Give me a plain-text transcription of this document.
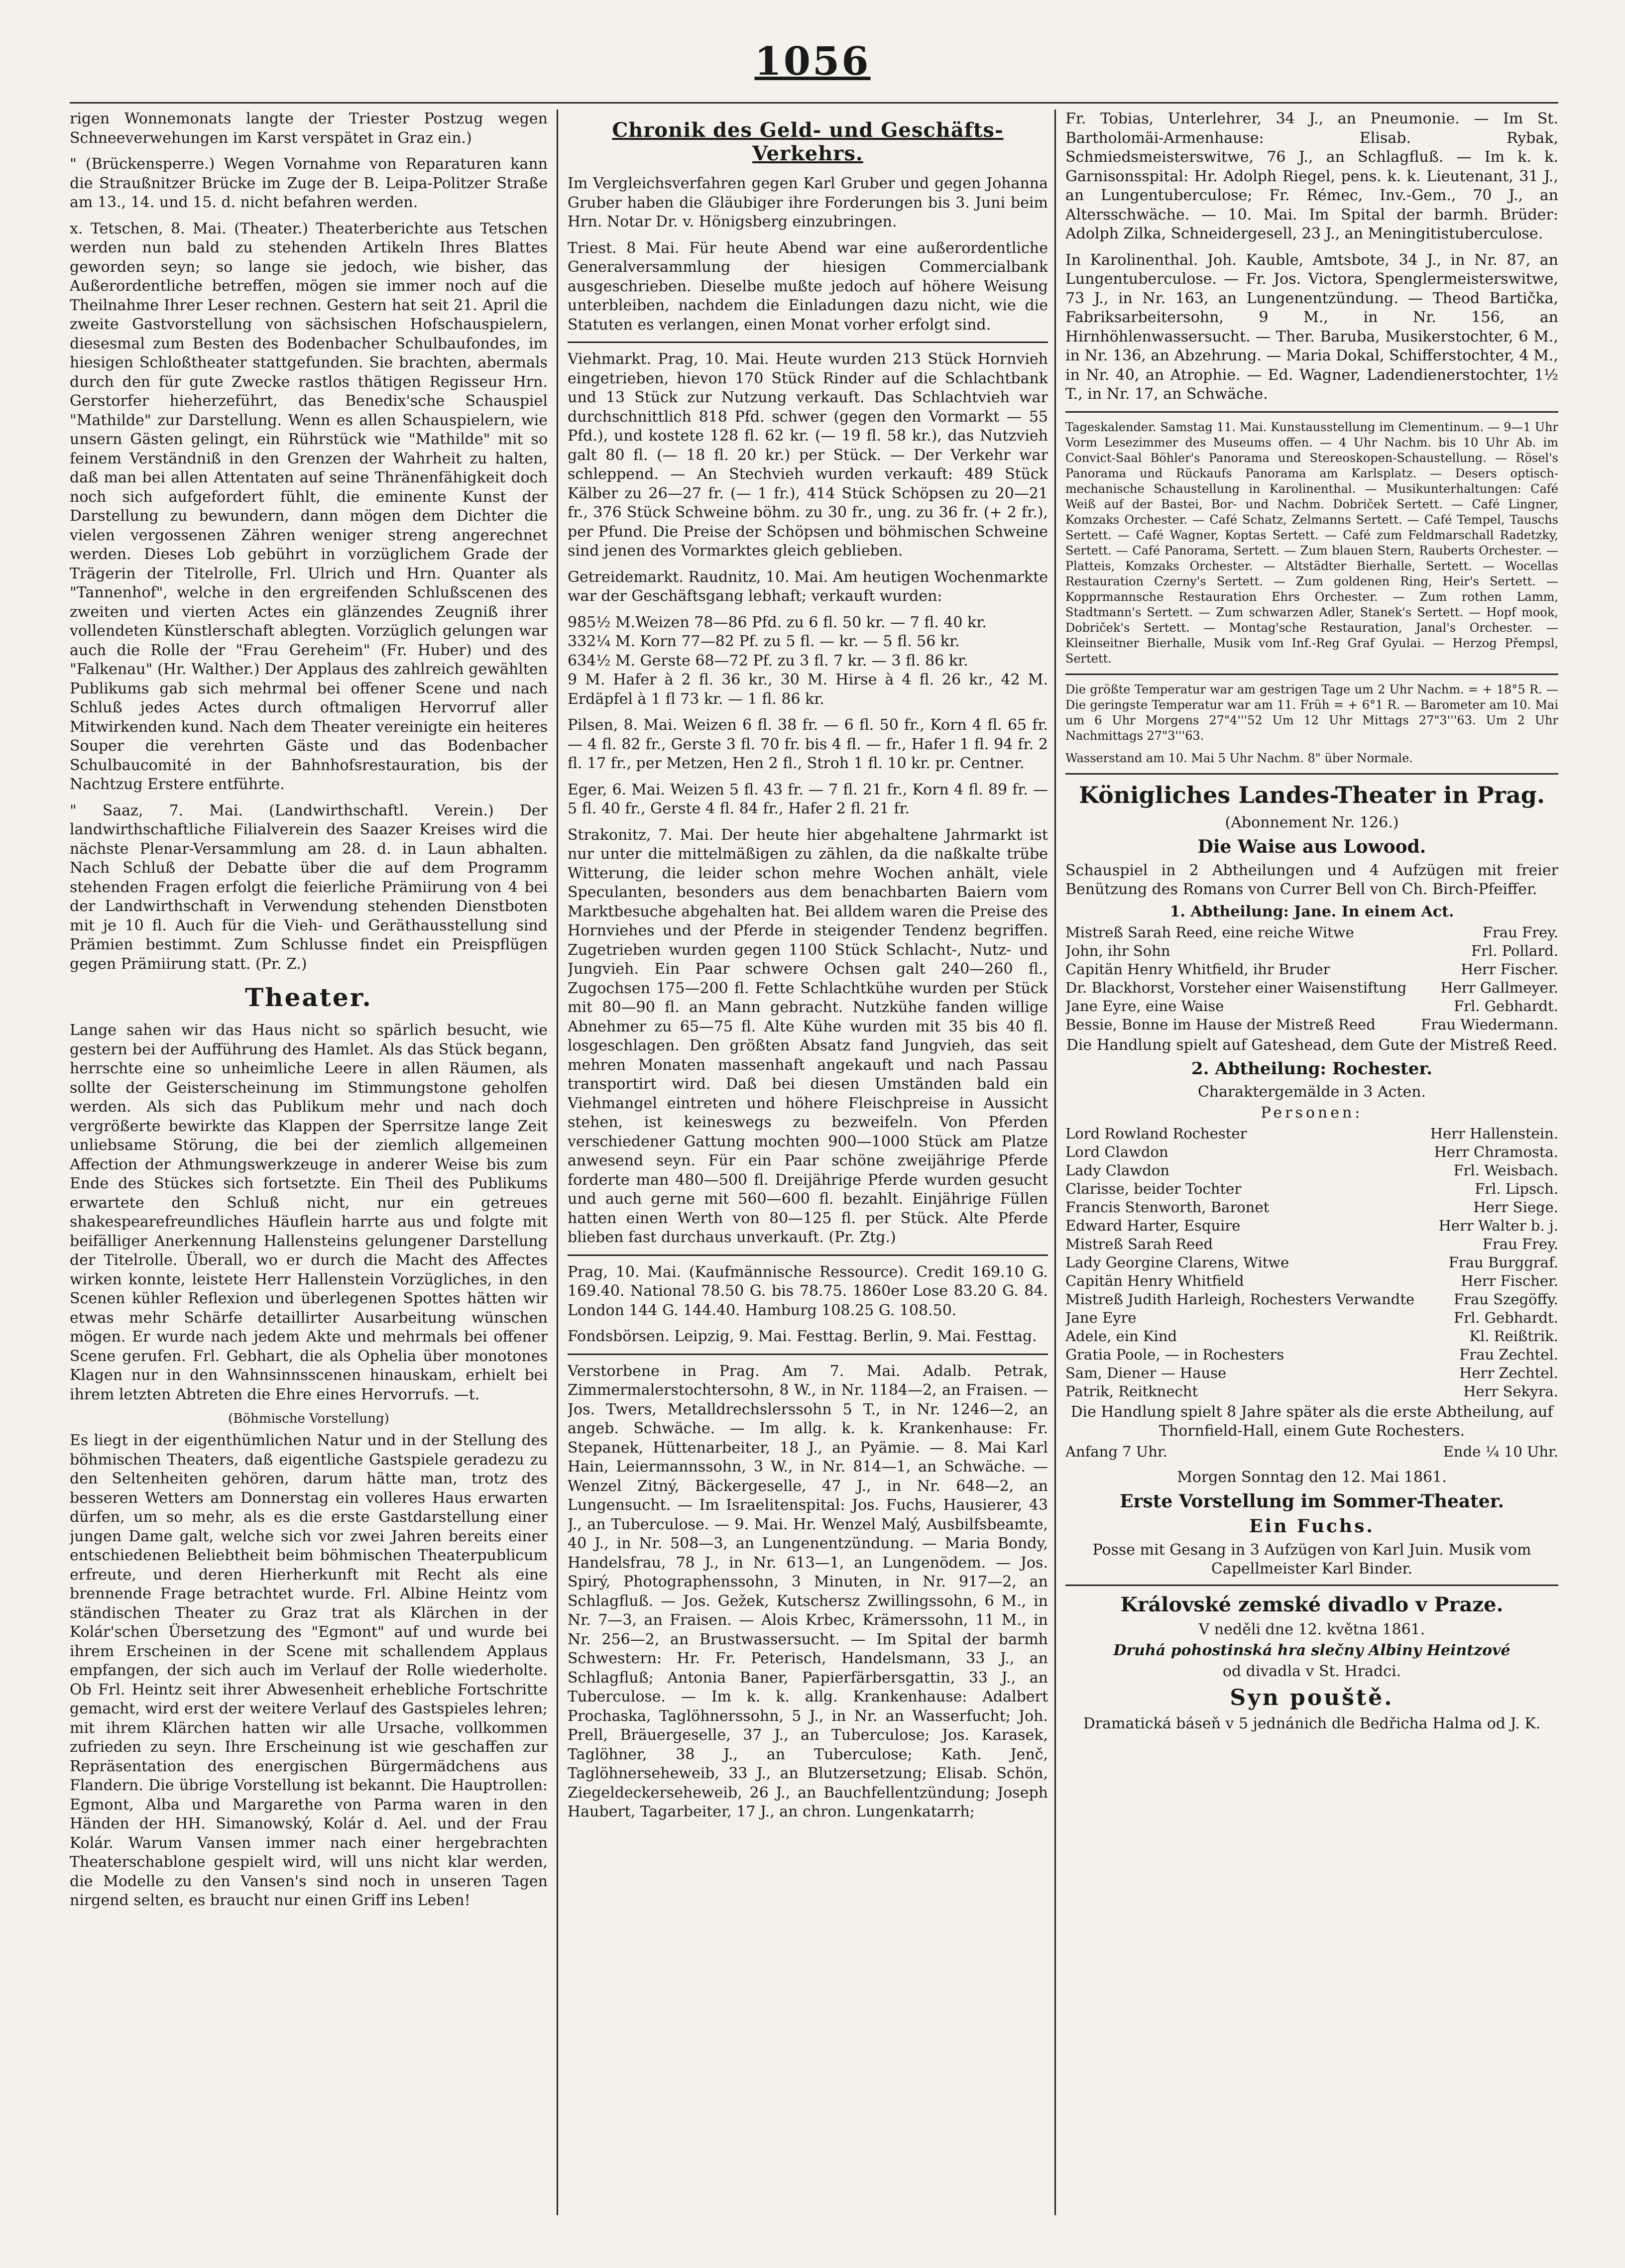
1056

rigen Wonnemonats langte der Triester Postzug wegen Schneeverwehungen im Karst verspätet in Graz ein.)

" (Brückensperre.) Wegen Vornahme von Reparaturen kann die Straußnitzer Brücke im Zuge der B. Leipa-Politzer Straße am 13., 14. und 15. d. nicht befahren werden.

x. Tetschen, 8. Mai. (Theater.) Theaterberichte aus Tetschen werden nun bald zu stehenden Artikeln Ihres Blattes geworden seyn; so lange sie jedoch, wie bisher, das Außerordentliche betreffen, mögen sie immer noch auf die Theilnahme Ihrer Leser rechnen. Gestern hat seit 21. April die zweite Gastvorstellung von sächsischen Hofschauspielern, diesesmal zum Besten des Bodenbacher Schulbaufondes, im hiesigen Schloßtheater stattgefunden. Sie brachten, abermals durch den für gute Zwecke rastlos thätigen Regisseur Hrn. Gerstorfer hieherzeführt, das Benedix'sche Schauspiel "Mathilde" zur Darstellung. Wenn es allen Schauspielern, wie unsern Gästen gelingt, ein Rührstück wie "Mathilde" mit so feinem Verständniß in den Grenzen der Wahrheit zu halten, daß man bei allen Attentaten auf seine Thränenfähigkeit doch noch sich aufgefordert fühlt, die eminente Kunst der Darstellung zu bewundern, dann mögen dem Dichter die vielen vergossenen Zähren weniger streng angerechnet werden. Dieses Lob gebührt in vorzüglichem Grade der Trägerin der Titelrolle, Frl. Ulrich und Hrn. Quanter als "Tannenhof", welche in den ergreifenden Schlußscenen des zweiten und vierten Actes ein glänzendes Zeugniß ihrer vollendeten Künstlerschaft ablegten. Vorzüglich gelungen war auch die Rolle der "Frau Gereheim" (Fr. Huber) und des "Falkenau" (Hr. Walther.) Der Applaus des zahlreich gewählten Publikums gab sich mehrmal bei offener Scene und nach Schluß jedes Actes durch oftmaligen Hervorruf aller Mitwirkenden kund. Nach dem Theater vereinigte ein heiteres Souper die verehrten Gäste und das Bodenbacher Schulbaucomité in der Bahnhofsrestauration, bis der Nachtzug Erstere entführte.

" Saaz, 7. Mai. (Landwirthschaftl. Verein.) Der landwirthschaftliche Filialverein des Saazer Kreises wird die nächste Plenar-Versammlung am 28. d. in Laun abhalten. Nach Schluß der Debatte über die auf dem Programm stehenden Fragen erfolgt die feierliche Prämiirung von 4 bei der Landwirthschaft in Verwendung stehenden Dienstboten mit je 10 fl. Auch für die Vieh- und Geräthausstellung sind Prämien bestimmt. Zum Schlusse findet ein Preispflügen gegen Prämiirung statt. (Pr. Z.)

Theater.

Lange sahen wir das Haus nicht so spärlich besucht, wie gestern bei der Aufführung des Hamlet. Als das Stück begann, herrschte eine so unheimliche Leere in allen Räumen, als sollte der Geisterscheinung im Stimmungstone geholfen werden. Als sich das Publikum mehr und nach doch vergrößerte bewirkte das Klappen der Sperrsitze lange Zeit unliebsame Störung, die bei der ziemlich allgemeinen Affection der Athmungswerkzeuge in anderer Weise bis zum Ende des Stückes sich fortsetzte. Ein Theil des Publikums erwartete den Schluß nicht, nur ein getreues shakespearefreundliches Häuflein harrte aus und folgte mit beifälliger Anerkennung Hallensteins gelungener Darstellung der Titelrolle. Überall, wo er durch die Macht des Affectes wirken konnte, leistete Herr Hallenstein Vorzügliches, in den Scenen kühler Reflexion und überlegenen Spottes hätten wir etwas mehr Schärfe detaillirter Ausarbeitung wünschen mögen. Er wurde nach jedem Akte und mehrmals bei offener Scene gerufen. Frl. Gebhart, die als Ophelia über monotones Klagen nur in den Wahnsinnsscenen hinauskam, erhielt bei ihrem letzten Abtreten die Ehre eines Hervorrufs. —t.

(Böhmische Vorstellung)

Es liegt in der eigenthümlichen Natur und in der Stellung des böhmischen Theaters, daß eigentliche Gastspiele geradezu zu den Seltenheiten gehören, darum hätte man, trotz des besseren Wetters am Donnerstag ein volleres Haus erwarten dürfen, um so mehr, als es die erste Gastdarstellung einer jungen Dame galt, welche sich vor zwei Jahren bereits einer entschiedenen Beliebtheit beim böhmischen Theaterpublicum erfreute, und deren Hierherkunft mit Recht als eine brennende Frage betrachtet wurde. Frl. Albine Heintz vom ständischen Theater zu Graz trat als Klärchen in der Kolár'schen Übersetzung des "Egmont" auf und wurde bei ihrem Erscheinen in der Scene mit schallendem Applaus empfangen, der sich auch im Verlauf der Rolle wiederholte. Ob Frl. Heintz seit ihrer Abwesenheit erhebliche Fortschritte gemacht, wird erst der weitere Verlauf des Gastspieles lehren; mit ihrem Klärchen hatten wir alle Ursache, vollkommen zufrieden zu seyn. Ihre Erscheinung ist wie geschaffen zur Repräsentation des energischen Bürgermädchens aus Flandern. Die übrige Vorstellung ist bekannt. Die Hauptrollen: Egmont, Alba und Margarethe von Parma waren in den Händen der HH. Simanowský, Kolár d. Ael. und der Frau Kolár. Warum Vansen immer nach einer hergebrachten Theaterschablone gespielt wird, will uns nicht klar werden, die Modelle zu den Vansen's sind noch in unseren Tagen nirgend selten, es braucht nur einen Griff ins Leben!

Chronik des Geld- und Geschäfts-Verkehrs.

Im Vergleichsverfahren gegen Karl Gruber und gegen Johanna Gruber haben die Gläubiger ihre Forderungen bis 3. Juni beim Hrn. Notar Dr. v. Hönigsberg einzubringen.

Triest. 8 Mai. Für heute Abend war eine außerordentliche Generalversammlung der hiesigen Commercialbank ausgeschrieben. Dieselbe mußte jedoch auf höhere Weisung unterbleiben, nachdem die Einladungen dazu nicht, wie die Statuten es verlangen, einen Monat vorher erfolgt sind.

Viehmarkt. Prag, 10. Mai. Heute wurden 213 Stück Hornvieh eingetrieben, hievon 170 Stück Rinder auf die Schlachtbank und 13 Stück zur Nutzung verkauft. Das Schlachtvieh war durchschnittlich 818 Pfd. schwer (gegen den Vormarkt — 55 Pfd.), und kostete 128 fl. 62 kr. (— 19 fl. 58 kr.), das Nutzvieh galt 80 fl. (— 18 fl. 20 kr.) per Stück. — Der Verkehr war schleppend. — An Stechvieh wurden verkauft: 489 Stück Kälber zu 26—27 fr. (— 1 fr.), 414 Stück Schöpsen zu 20—21 fr., 376 Stück Schweine böhm. zu 30 fr., ung. zu 36 fr. (+ 2 fr.), per Pfund. Die Preise der Schöpsen und böhmischen Schweine sind jenen des Vormarktes gleich geblieben.

Getreidemarkt. Raudnitz, 10. Mai. Am heutigen Wochenmarkte war der Geschäftsgang lebhaft; verkauft wurden:

985½ M.Weizen 78—86 Pfd. zu 6 fl. 50 kr. — 7 fl. 40 kr.

332¼ M. Korn 77—82 Pf. zu 5 fl. — kr. — 5 fl. 56 kr.

634½ M. Gerste 68—72 Pf. zu 3 fl. 7 kr. — 3 fl. 86 kr.

9 M. Hafer à 2 fl. 36 kr., 30 M. Hirse à 4 fl. 26 kr., 42 M. Erdäpfel à 1 fl 73 kr. — 1 fl. 86 kr.

Pilsen, 8. Mai. Weizen 6 fl. 38 fr. — 6 fl. 50 fr., Korn 4 fl. 65 fr. — 4 fl. 82 fr., Gerste 3 fl. 70 fr. bis 4 fl. — fr., Hafer 1 fl. 94 fr. 2 fl. 17 fr., per Metzen, Hen 2 fl., Stroh 1 fl. 10 kr. pr. Centner.

Eger, 6. Mai. Weizen 5 fl. 43 fr. — 7 fl. 21 fr., Korn 4 fl. 89 fr. — 5 fl. 40 fr., Gerste 4 fl. 84 fr., Hafer 2 fl. 21 fr.

Strakonitz, 7. Mai. Der heute hier abgehaltene Jahrmarkt ist nur unter die mittelmäßigen zu zählen, da die naßkalte trübe Witterung, die leider schon mehre Wochen anhält, viele Speculanten, besonders aus dem benachbarten Baiern vom Marktbesuche abgehalten hat. Bei alldem waren die Preise des Hornviehes und der Pferde in steigender Tendenz begriffen. Zugetrieben wurden gegen 1100 Stück Schlacht-, Nutz- und Jungvieh. Ein Paar schwere Ochsen galt 240—260 fl., Zugochsen 175—200 fl. Fette Schlachtkühe wurden per Stück mit 80—90 fl. an Mann gebracht. Nutzkühe fanden willige Abnehmer zu 65—75 fl. Alte Kühe wurden mit 35 bis 40 fl. losgeschlagen. Den größten Absatz fand Jungvieh, das seit mehren Monaten massenhaft angekauft und nach Passau transportirt wird. Daß bei diesen Umständen bald ein Viehmangel eintreten und höhere Fleischpreise in Aussicht stehen, ist keineswegs zu bezweifeln. Von Pferden verschiedener Gattung mochten 900—1000 Stück am Platze anwesend seyn. Für ein Paar schöne zweijährige Pferde forderte man 480—500 fl. Dreijährige Pferde wurden gesucht und auch gerne mit 560—600 fl. bezahlt. Einjährige Füllen hatten einen Werth von 80—125 fl. per Stück. Alte Pferde blieben fast durchaus unverkauft. (Pr. Ztg.)

Prag, 10. Mai. (Kaufmännische Ressource). Credit 169.10 G. 169.40. National 78.50 G. bis 78.75. 1860er Lose 83.20 G. 84. London 144 G. 144.40. Hamburg 108.25 G. 108.50.

Fondsbörsen. Leipzig, 9. Mai. Festtag. Berlin, 9. Mai. Festtag.

Verstorbene in Prag. Am 7. Mai. Adalb. Petrak, Zimmermalerstochtersohn, 8 W., in Nr. 1184—2, an Fraisen. — Jos. Twers, Metalldrechslerssohn 5 T., in Nr. 1246—2, an angeb. Schwäche. — Im allg. k. k. Krankenhause: Fr. Stepanek, Hüttenarbeiter, 18 J., an Pyämie. — 8. Mai Karl Hain, Leiermannssohn, 3 W., in Nr. 814—1, an Schwäche. — Wenzel Zitný, Bäckergeselle, 47 J., in Nr. 648—2, an Lungensucht. — Im Israelitenspital: Jos. Fuchs, Hausierer, 43 J., an Tuberculose. — 9. Mai. Hr. Wenzel Malý, Ausbilfsbeamte, 40 J., in Nr. 508—3, an Lungenentzündung. — Maria Bondy, Handelsfrau, 78 J., in Nr. 613—1, an Lungenödem. — Jos. Spirý, Photographenssohn, 3 Minuten, in Nr. 917—2, an Schlagfluß. — Jos. Gežek, Kutschersz Zwillingssohn, 6 M., in Nr. 7—3, an Fraisen. — Alois Krbec, Krämerssohn, 11 M., in Nr. 256—2, an Brustwassersucht. — Im Spital der barmh Schwestern: Hr. Fr. Peterisch, Handelsmann, 33 J., an Schlagfluß; Antonia Baner, Papierfärbersgattin, 33 J., an Tuberculose. — Im k. k. allg. Krankenhause: Adalbert Prochaska, Taglöhnerssohn, 5 J., in Nr. an Wasserfucht; Joh. Prell, Bräuergeselle, 37 J., an Tuberculose; Jos. Karasek, Taglöhner, 38 J., an Tuberculose; Kath. Jenč, Taglöhnerseheweib, 33 J., an Blutzersetzung; Elisab. Schön, Ziegeldeckerseheweib, 26 J., an Bauchfellentzündung; Joseph Haubert, Tagarbeiter, 17 J., an chron. Lungenkatarrh;

Fr. Tobias, Unterlehrer, 34 J., an Pneumonie. — Im St. Bartholomäi-Armenhause: Elisab. Rybak, Schmiedsmeisterswitwe, 76 J., an Schlagfluß. — Im k. k. Garnisonsspital: Hr. Adolph Riegel, pens. k. k. Lieutenant, 31 J., an Lungentuberculose; Fr. Rémec, Inv.-Gem., 70 J., an Altersschwäche. — 10. Mai. Im Spital der barmh. Brüder: Adolph Zilka, Schneidergesell, 23 J., an Meningitistuberculose.

In Karolinenthal. Joh. Kauble, Amtsbote, 34 J., in Nr. 87, an Lungentuberculose. — Fr. Jos. Victora, Spenglermeisterswitwe, 73 J., in Nr. 163, an Lungenentzündung. — Theod Bartička, Fabriksarbeitersohn, 9 M., in Nr. 156, an Hirnhöhlenwassersucht. — Ther. Baruba, Musikerstochter, 6 M., in Nr. 136, an Abzehrung. — Maria Dokal, Schifferstochter, 4 M., in Nr. 40, an Atrophie. — Ed. Wagner, Ladendienerstochter, 1½ T., in Nr. 17, an Schwäche.

Tageskalender. Samstag 11. Mai. Kunstausstellung im Clementinum. — 9—1 Uhr Vorm Lesezimmer des Museums offen. — 4 Uhr Nachm. bis 10 Uhr Ab. im Convict-Saal Böhler's Panorama und Stereoskopen-Schaustellung. — Rösel's Panorama und Rückaufs Panorama am Karlsplatz. — Desers optisch-mechanische Schaustellung in Karolinenthal. — Musikunterhaltungen: Café Weiß auf der Bastei, Bor- und Nachm. Dobriček Sertett. — Café Lingner, Komzaks Orchester. — Café Schatz, Zelmanns Sertett. — Café Tempel, Tauschs Sertett. — Café Wagner, Koptas Sertett. — Café zum Feldmarschall Radetzky, Sertett. — Café Panorama, Sertett. — Zum blauen Stern, Rauberts Orchester. — Platteis, Komzaks Orchester. — Altstädter Bierhalle, Sertett. — Wocellas Restauration Czerny's Sertett. — Zum goldenen Ring, Heir's Sertett. — Kopprmannsche Restauration Ehrs Orchester. — Zum rothen Lamm, Stadtmann's Sertett. — Zum schwarzen Adler, Stanek's Sertett. — Hopf mook, Dobriček's Sertett. — Montag'sche Restauration, Janal's Orchester. — Kleinseitner Bierhalle, Musik vom Inf.-Reg Graf Gyulai. — Herzog Přempsl, Sertett.

Die größte Temperatur war am gestrigen Tage um 2 Uhr Nachm. = + 18°5 R. — Die geringste Temperatur war am 11. Früh = + 6°1 R. — Barometer am 10. Mai um 6 Uhr Morgens 27"4'''52 Um 12 Uhr Mittags 27"3'''63. Um 2 Uhr Nachmittags 27"3'''63.

Wasserstand am 10. Mai 5 Uhr Nachm. 8" über Normale.

Königliches Landes-Theater in Prag.
(Abonnement Nr. 126.)
Die Waise aus Lowood.

Schauspiel in 2 Abtheilungen und 4 Aufzügen mit freier Benützung des Romans von Currer Bell von Ch. Birch-Pfeiffer.

1. Abtheilung: Jane. In einem Act.
Mistreß Sarah Reed, eine reiche Witwe	Frau Frey.
John, ihr Sohn	Frl. Pollard.
Capitän Henry Whitfield, ihr Bruder	Herr Fischer.
Dr. Blackhorst, Vorsteher einer Waisenstiftung Herr Gallmeyer.
Jane Eyre, eine Waise	Frl. Gebhardt.
Bessie, Bonne im Hause der Mistreß Reed	Frau Wiedermann.
Die Handlung spielt auf Gateshead, dem Gute der Mistreß Reed.
2. Abtheilung: Rochester.
Charaktergemälde in 3 Acten.
Personen:
Lord Rowland Rochester	Herr Hallenstein.
Lord Clawdon	Herr Chramosta.
Lady Clawdon	Frl. Weisbach.
Clarisse, beider Tochter	Frl. Lipsch.
Francis Stenworth, Baronet	Herr Siege.
Edward Harter, Esquire	Herr Walter b. j.
Mistreß Sarah Reed	Frau Frey.
Lady Georgine Clarens, Witwe	Frau Burggraf.
Capitän Henry Whitfield	Herr Fischer.
Mistreß Judith Harleigh, Rochesters Verwandte	Frau Szegöffy.
Jane Eyre	Frl. Gebhardt.
Adele, ein Kind	Kl. Reißtrik.
Gratia Poole, — in Rochesters	Frau Zechtel.
Sam, Diener — Hause	Herr Zechtel.
Patrik, Reitknecht	Herr Sekyra.
Die Handlung spielt 8 Jahre später als die erste Abtheilung, auf Thornfield-Hall, einem Gute Rochesters.
Anfang 7 Uhr.	Ende ¼ 10 Uhr.
Morgen Sonntag den 12. Mai 1861.
Erste Vorstellung im Sommer-Theater.
Ein Fuchs.
Posse mit Gesang in 3 Aufzügen von Karl Juin. Musik vom Capellmeister Karl Binder.
Královské zemské divadlo v Praze.
V neděli dne 12. května 1861.
Druhá pohostinská hra slečny Albiny Heintzové
od divadla v St. Hradci.
Syn pouště.
Dramatická báseň v 5 jednánich dle Bedřicha Halma od J. K.
